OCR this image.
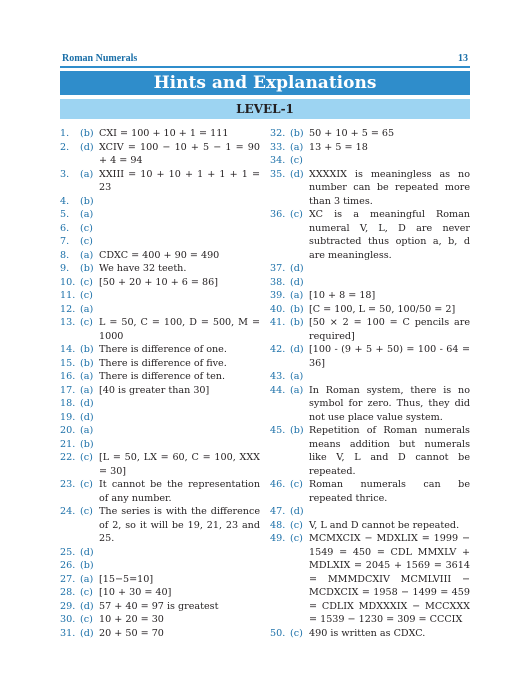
Roman Numerals	13
Hints and Explanations
LEVEL-1
1.	(b) CXI = 100 + 10 + 1 = 111
2.	(d) XCIV = 100 − 10 + 5 − 1 = 90 + 4 = 94
3.	(a) XXIII = 10 + 10 + 1 + 1 + 1 = 23
4.	(b)
5.	(a)
6.	(c)
7.	(c)
8.	(a) CDXC = 400 + 90 = 490
9.	(b) We have 32 teeth.
10. (c) [50 + 20 + 10 + 6 = 86]
11. (c)
12. (a)
13. (c) L = 50, C = 100, D = 500, M = 1000
14. (b) There is difference of one.
15. (b) There is difference of five.
16. (a) There is difference of ten.
17. (a) [40 is greater than 30]
18. (d)
19. (d)
20. (a)
21. (b)
22. (c) [L = 50, LX = 60, C = 100, XXX = 30]
23. (c) It cannot be the representation of any number.
24. (c) The series is with the difference of 2, so it will be 19, 21, 23 and 25.
25. (d)
26. (b)
27. (a) [15−5=10]
28. (c) [10 + 30 = 40]
29. (d) 57 + 40 = 97 is greatest
30. (c) 10 + 20 = 30
31. (d) 20 + 50 = 70
32. (b) 50 + 10 + 5 = 65
33. (a) 13 + 5 = 18
34. (c)
35. (d) XXXXIX is meaningless as no number can be repeated more than 3 times.
36. (c) XC is a meaningful Roman numeral V, L, D are never subtracted thus option a, b, d are meaningless.
37. (d)
38. (d)
39. (a) [10 + 8 = 18]
40. (b) [C = 100, L = 50, 100/50 = 2]
41. (b) [50 × 2 = 100 = C pencils are required]
42. (d) [100 - (9 + 5 + 50) = 100 - 64 = 36]
43. (a)
44. (a) In Roman system, there is no symbol for zero. Thus, they did not use place value system.
45. (b) Repetition of Roman numerals means addition but numerals like V, L and D cannot be repeated.
46. (c) Roman numerals can be repeated thrice.
47. (d)
48. (c) V, L and D cannot be repeated.
49. (c) MCMXCIX − MDXLIX = 1999 − 1549 = 450 = CDL MMXLV + MDLXIX = 2045 + 1569 = 3614 = MMMDCXIV MCMLVIII − MCDXCIX = 1958 − 1499 = 459 = CDLIX MDXXXIX − MCCXXX = 1539 − 1230 = 309 = CCCIX
50. (c) 490 is written as CDXC.
